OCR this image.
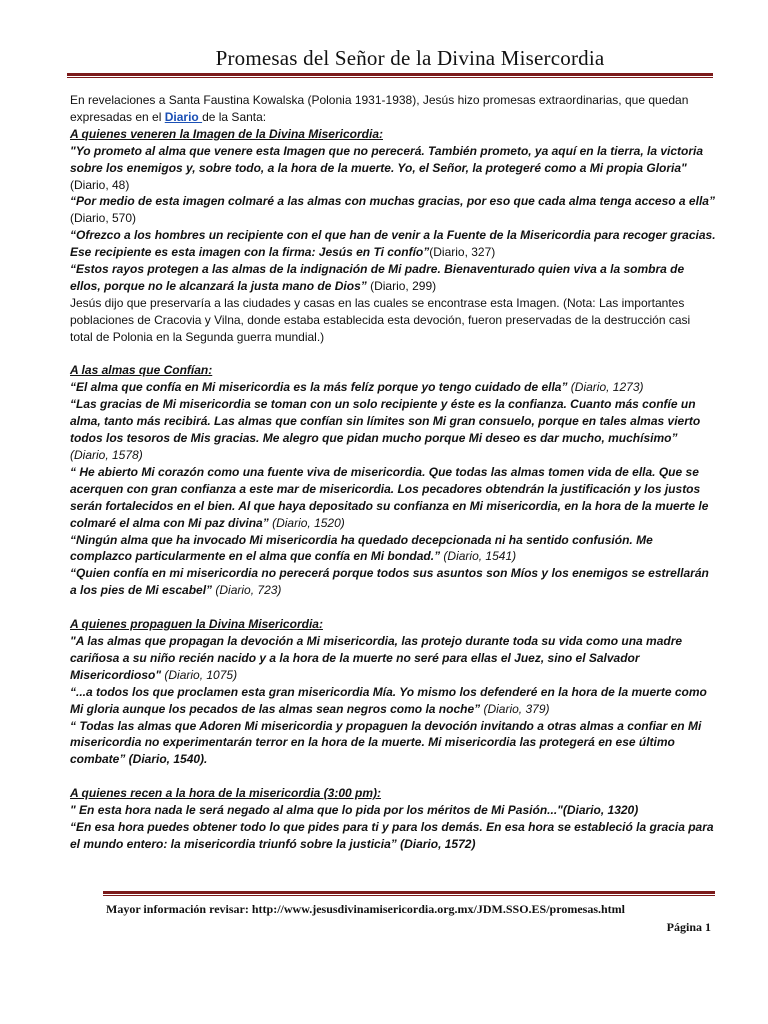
Promesas del Señor de la Divina Misercordia

En revelaciones a Santa Faustina Kowalska (Polonia 1931-1938), Jesús hizo promesas extraordinarias, que quedan expresadas en el Diario de la Santa:

A quienes veneren la Imagen de la Divina Misericordia:

"Yo prometo al alma que venere esta Imagen que no perecerá. También prometo, ya aquí en la tierra, la victoria sobre los enemigos y, sobre todo, a la hora de la muerte. Yo, el Señor, la protegeré como a Mi propia Gloria" (Diario, 48)

“Por medio de esta imagen colmaré a las almas con muchas gracias, por eso que cada alma tenga acceso a ella” (Diario, 570)

“Ofrezco a los hombres un recipiente con el que han de venir a la Fuente de la Misericordia para recoger gracias. Ese recipiente es esta imagen con la firma: Jesús en Ti confío”(Diario, 327)

“Estos rayos protegen a las almas de la indignación de Mi padre. Bienaventurado quien viva a la sombra de ellos, porque no le alcanzará la justa mano de Dios” (Diario, 299)

Jesús dijo que preservaría a las ciudades y casas en las cuales se encontrase esta Imagen. (Nota: Las importantes poblaciones de Cracovia y Vilna, donde estaba establecida esta devoción, fueron preservadas de la destrucción casi total de Polonia en la Segunda guerra mundial.)

A las almas que Confían:

“El alma que confía en Mi misericordia es la más felíz porque yo tengo cuidado de ella” (Diario, 1273)

“Las gracias de Mi misericordia se toman con un solo recipiente y éste es la confianza. Cuanto más confíe un alma, tanto más recibirá. Las almas que confían sin límites son Mi gran consuelo, porque en tales almas vierto todos los tesoros de Mis gracias. Me alegro que pidan mucho porque Mi deseo es dar mucho, muchísimo” (Diario, 1578)

“ He abierto Mi corazón como una fuente viva de misericordia. Que todas las almas tomen vida de ella. Que se acerquen con gran confianza a este mar de misericordia. Los pecadores obtendrán la justificación y los justos serán fortalecidos en el bien. Al que haya depositado su confianza en Mi misericordia, en la hora de la muerte le colmaré el alma con Mi paz divina” (Diario, 1520)

“Ningún alma que ha invocado Mi misericordia ha quedado decepcionada ni ha sentido confusión. Me complazco particularmente en el alma que confía en Mi bondad.” (Diario, 1541)

“Quien confía en mi misericordia no perecerá porque todos sus asuntos son Míos y los enemigos se estrellarán a los pies de Mi escabel” (Diario, 723)

A quienes propaguen la Divina Misericordia:

"A las almas que propagan la devoción a Mi misericordia, las protejo durante toda su vida como una madre cariñosa a su niño recién nacido y a la hora de la muerte no seré para ellas el Juez, sino el Salvador Misericordioso" (Diario, 1075)

“...a todos los que proclamen esta gran misericordia Mía. Yo mismo los defenderé en la hora de la muerte como Mi gloria aunque los pecados de las almas sean negros como la noche” (Diario, 379)

“ Todas las almas que Adoren Mi misericordia y propaguen la devoción invitando a otras almas a confiar en Mi misericordia no experimentarán terror en la hora de la muerte. Mi misericordia las protegerá en ese último combate” (Diario, 1540).

A quienes recen a la hora de la misericordia (3:00 pm):

" En esta hora nada le será negado al alma que lo pida por los méritos de Mi Pasión..."(Diario, 1320)

“En esa hora puedes obtener todo lo que pides para ti y para los demás. En esa hora se estableció la gracia para el mundo entero: la misericordia triunfó sobre la justicia” (Diario, 1572)

Mayor información revisar: http://www.jesusdivinamisericordia.org.mx/JDM.SSO.ES/promesas.html
Página 1
